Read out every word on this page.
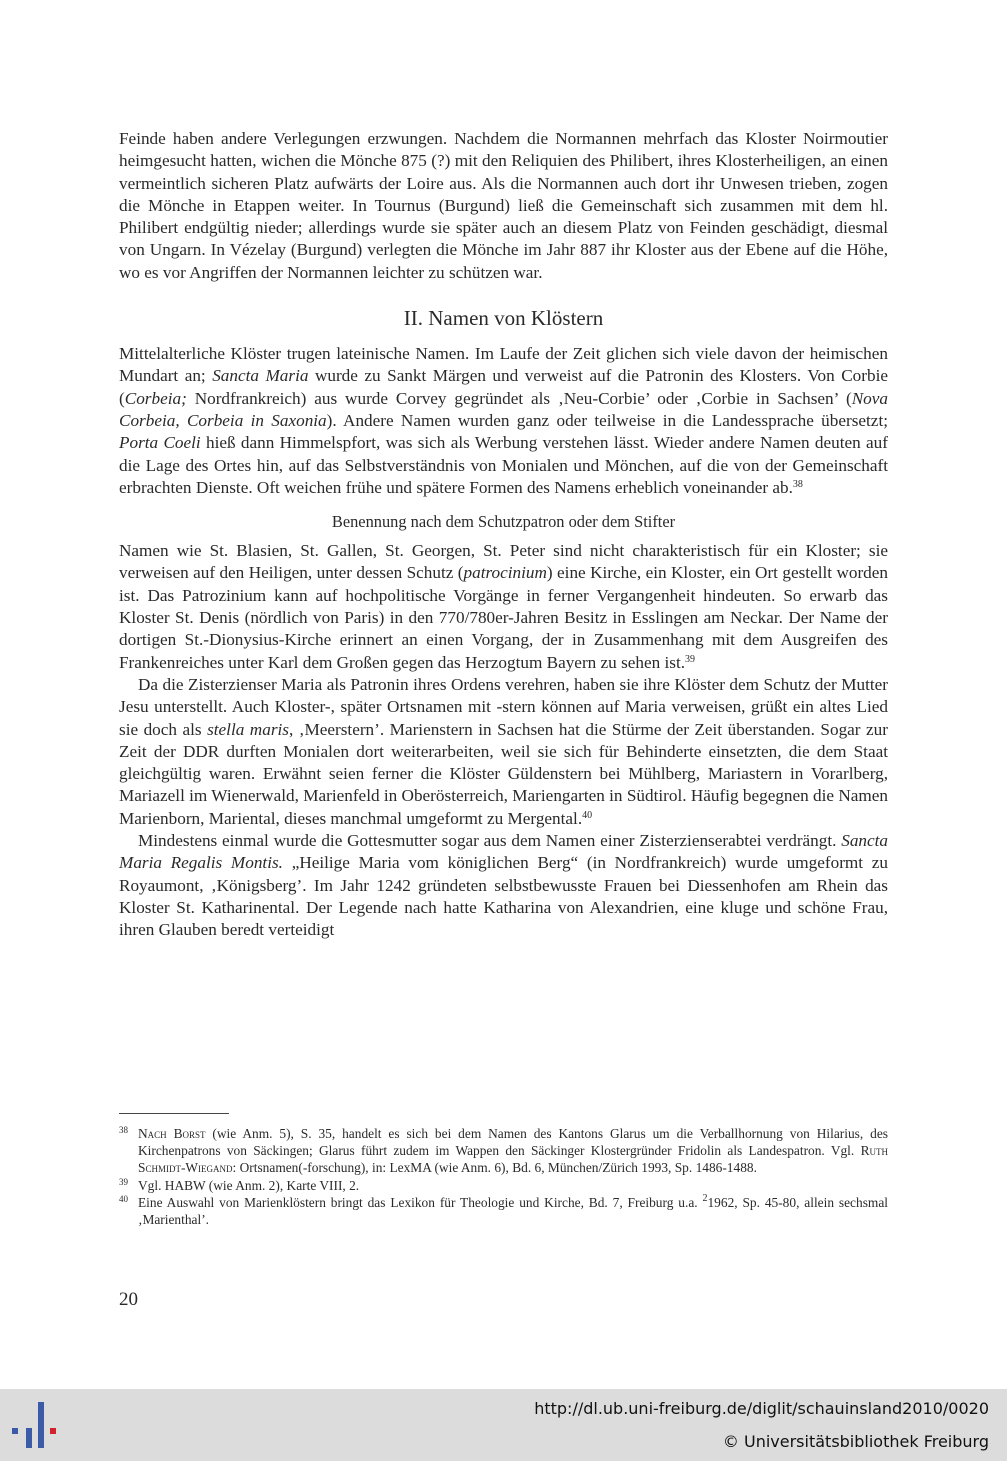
Feinde haben andere Verlegungen erzwungen. Nachdem die Normannen mehrfach das Kloster Noirmoutier heimgesucht hatten, wichen die Mönche 875 (?) mit den Reliquien des Philibert, ihres Klosterheiligen, an einen vermeintlich sicheren Platz aufwärts der Loire aus. Als die Normannen auch dort ihr Unwesen trieben, zogen die Mönche in Etappen weiter. In Tournus (Burgund) ließ die Gemeinschaft sich zusammen mit dem hl. Philibert endgültig nieder; allerdings wurde sie später auch an diesem Platz von Feinden geschädigt, diesmal von Ungarn. In Vézelay (Burgund) verlegten die Mönche im Jahr 887 ihr Kloster aus der Ebene auf die Höhe, wo es vor Angriffen der Normannen leichter zu schützen war.

II. Namen von Klöstern

Mittelalterliche Klöster trugen lateinische Namen. Im Laufe der Zeit glichen sich viele davon der heimischen Mundart an; Sancta Maria wurde zu Sankt Märgen und verweist auf die Patronin des Klosters. Von Corbie (Corbeia; Nordfrankreich) aus wurde Corvey gegründet als ‚Neu-Corbie’ oder ‚Corbie in Sachsen’ (Nova Corbeia, Corbeia in Saxonia). Andere Namen wurden ganz oder teilweise in die Landessprache übersetzt; Porta Coeli hieß dann Himmelspfort, was sich als Werbung verstehen lässt. Wieder andere Namen deuten auf die Lage des Ortes hin, auf das Selbstverständnis von Monialen und Mönchen, auf die von der Gemeinschaft erbrachten Dienste. Oft weichen frühe und spätere Formen des Namens erheblich voneinander ab.$^{38}$

Benennung nach dem Schutzpatron oder dem Stifter

Namen wie St. Blasien, St. Gallen, St. Georgen, St. Peter sind nicht charakteristisch für ein Kloster; sie verweisen auf den Heiligen, unter dessen Schutz (patrocinium) eine Kirche, ein Kloster, ein Ort gestellt worden ist. Das Patrozinium kann auf hochpolitische Vorgänge in ferner Vergangenheit hindeuten. So erwarb das Kloster St. Denis (nördlich von Paris) in den 770/780er-Jahren Besitz in Esslingen am Neckar. Der Name der dortigen St.-Dionysius-Kirche erinnert an einen Vorgang, der in Zusammenhang mit dem Ausgreifen des Frankenreiches unter Karl dem Großen gegen das Herzogtum Bayern zu sehen ist.$^{39}$

Da die Zisterzienser Maria als Patronin ihres Ordens verehren, haben sie ihre Klöster dem Schutz der Mutter Jesu unterstellt. Auch Kloster-, später Ortsnamen mit -stern können auf Maria verweisen, grüßt ein altes Lied sie doch als stella maris, ‚Meerstern’. Marienstern in Sachsen hat die Stürme der Zeit überstanden. Sogar zur Zeit der DDR durften Monialen dort weiterarbeiten, weil sie sich für Behinderte einsetzten, die dem Staat gleichgültig waren. Erwähnt seien ferner die Klöster Güldenstern bei Mühlberg, Mariastern in Vorarlberg, Mariazell im Wienerwald, Marienfeld in Oberösterreich, Mariengarten in Südtirol. Häufig begegnen die Namen Marienborn, Mariental, dieses manchmal umgeformt zu Mergental.$^{40}$

Mindestens einmal wurde die Gottesmutter sogar aus dem Namen einer Zisterzienserabtei verdrängt. Sancta Maria Regalis Montis. „Heilige Maria vom königlichen Berg“ (in Nordfrankreich) wurde umgeformt zu Royaumont, ‚Königsberg’. Im Jahr 1242 gründeten selbstbewusste Frauen bei Diessenhofen am Rhein das Kloster St. Katharinental. Der Legende nach hatte Katharina von Alexandrien, eine kluge und schöne Frau, ihren Glauben beredt verteidigt

$^{38}$ Nach Borst (wie Anm. 5), S. 35, handelt es sich bei dem Namen des Kantons Glarus um die Verballhornung von Hilarius, des Kirchenpatrons von Säckingen; Glarus führt zudem im Wappen den Säckinger Klostergründer Fridolin als Landespatron. Vgl. Ruth Schmidt-Wiegand: Ortsnamen(-forschung), in: LexMA (wie Anm. 6), Bd. 6, München/Zürich 1993, Sp. 1486-1488.
$^{39}$ Vgl. HABW (wie Anm. 2), Karte VIII, 2.
$^{40}$ Eine Auswahl von Marienklöstern bringt das Lexikon für Theologie und Kirche, Bd. 7, Freiburg u.a. $^2$1962, Sp. 45-80, allein sechsmal ‚Marienthal’.
20
http://dl.ub.uni-freiburg.de/diglit/schauinsland2010/0020
© Universitätsbibliothek Freiburg
